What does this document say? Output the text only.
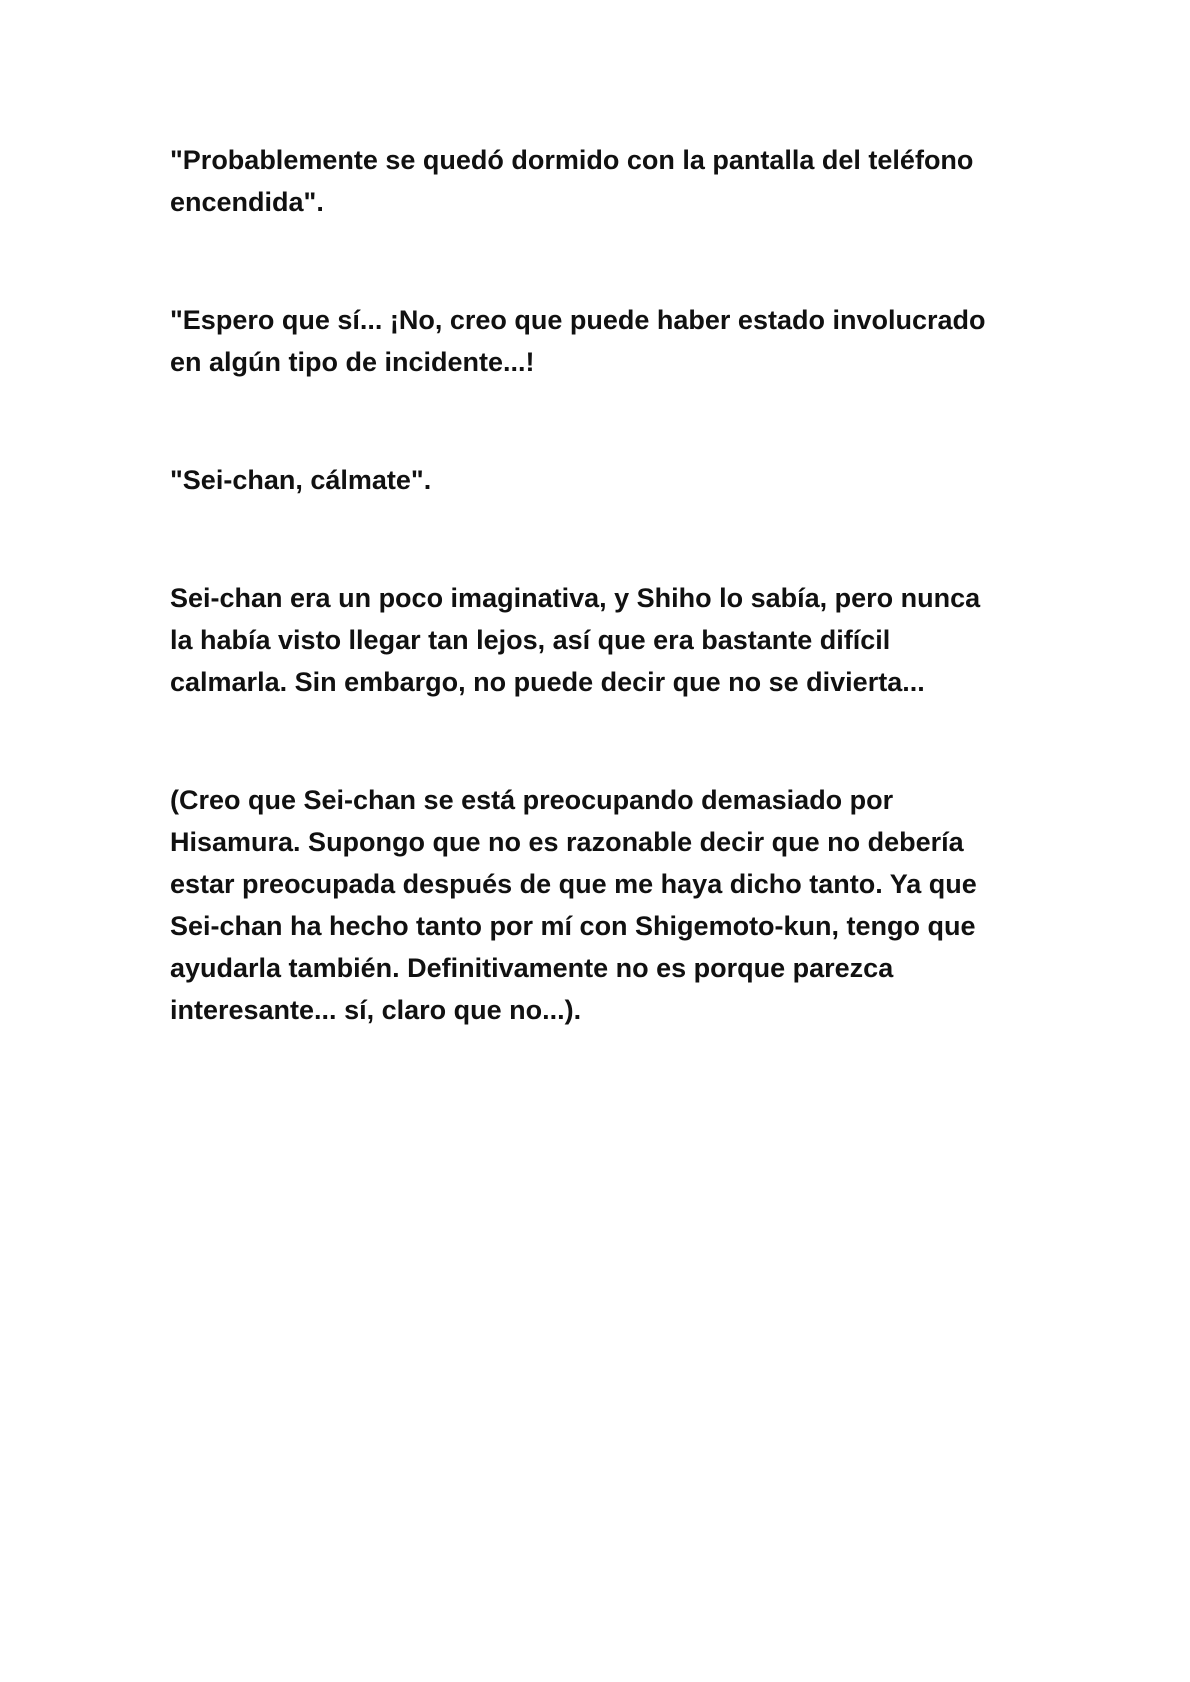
"Probablemente se quedó dormido con la pantalla del teléfono
encendida".

"Espero que sí... ¡No, creo que puede haber estado involucrado
en algún tipo de incidente...!

"Sei-chan, cálmate".

Sei-chan era un poco imaginativa, y Shiho lo sabía, pero nunca
la había visto llegar tan lejos, así que era bastante difícil
calmarla. Sin embargo, no puede decir que no se divierta...

(Creo que Sei-chan se está preocupando demasiado por
Hisamura. Supongo que no es razonable decir que no debería
estar preocupada después de que me haya dicho tanto. Ya que
Sei-chan ha hecho tanto por mí con Shigemoto-kun, tengo que
ayudarla también. Definitivamente no es porque parezca
interesante... sí, claro que no...).
